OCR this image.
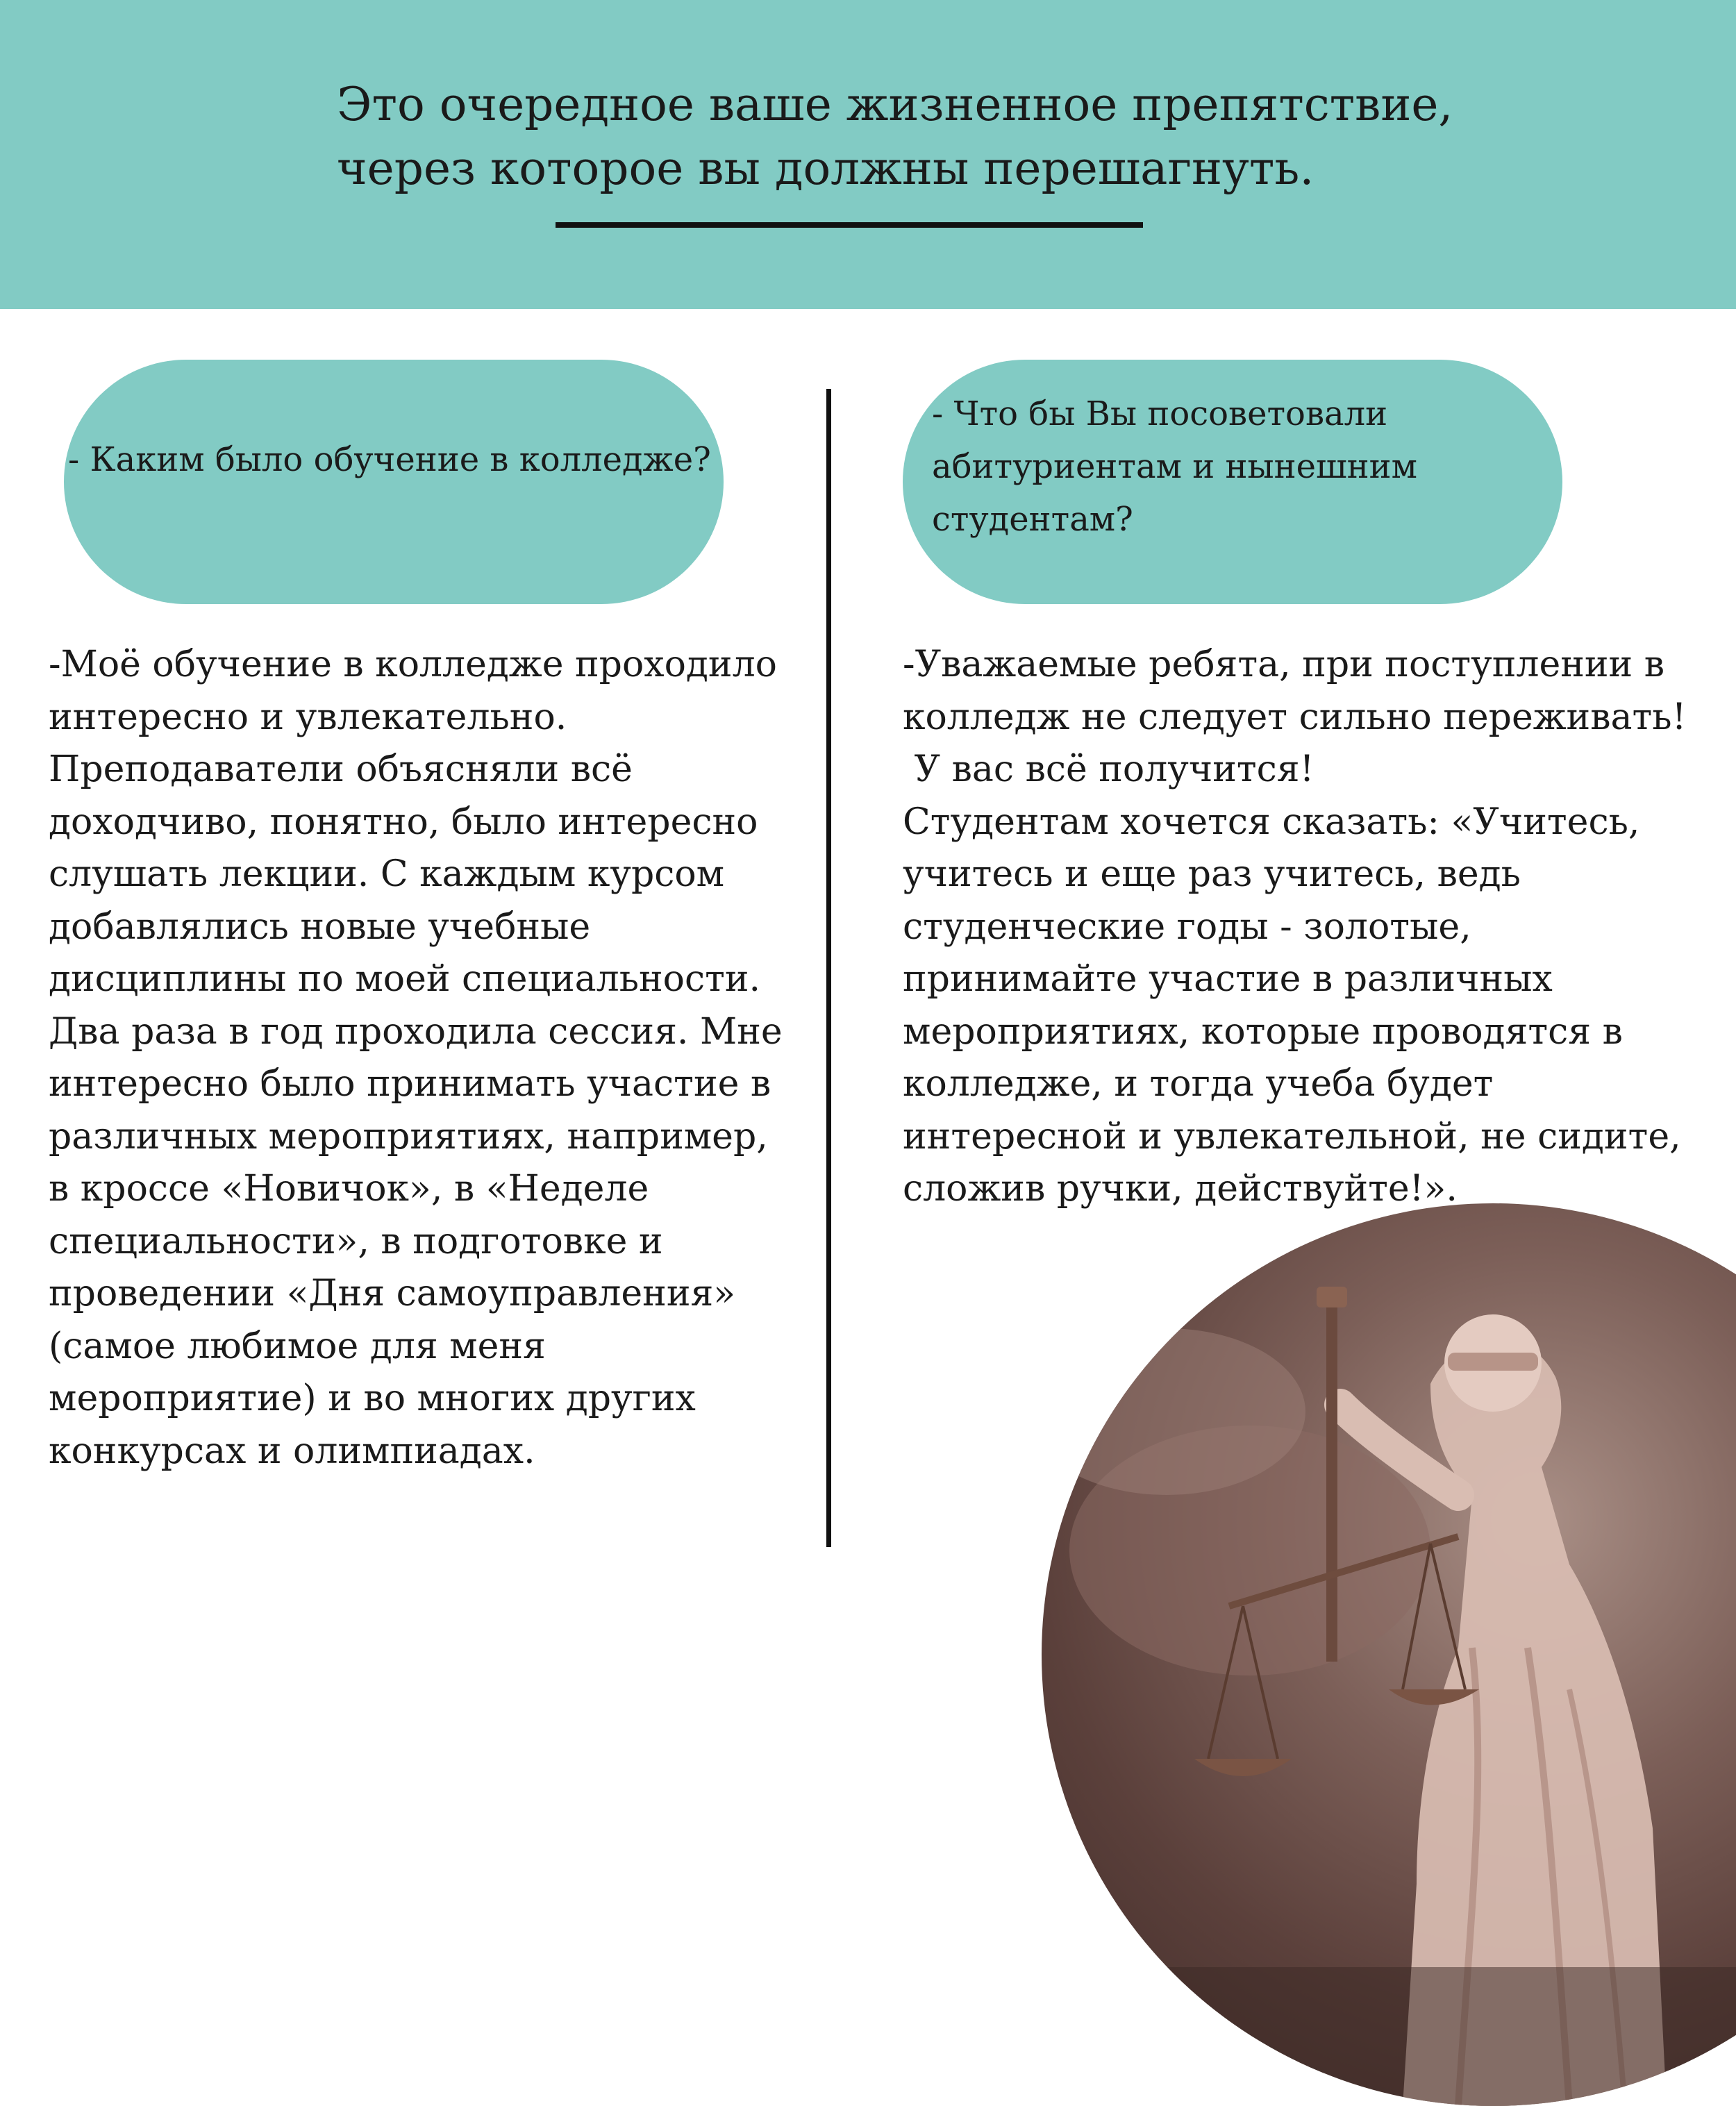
Это очередное ваше жизненное препятствие,
через которое вы должны перешагнуть.
- Каким было обучение в колледже?
- Что бы Вы посоветовали
абитуриентам и нынешним
студентам?
-Моё обучение в колледже проходило
интересно и увлекательно.
Преподаватели объясняли всё
доходчиво, понятно, было интересно
слушать лекции. С каждым курсом
добавлялись новые учебные
дисциплины по моей специальности.
Два раза в год проходила сессия. Мне
интересно было принимать участие в
различных мероприятиях, например,
в кроссе «Новичок», в «Неделе
специальности», в подготовке и
проведении «Дня самоуправления»
(самое любимое для меня
мероприятие) и во многих других
конкурсах и олимпиадах.
-Уважаемые ребята, при поступлении в
колледж не следует сильно переживать!
У вас всё получится!
Студентам хочется сказать: «Учитесь,
учитесь и еще раз учитесь, ведь
студенческие годы - золотые,
принимайте участие в различных
мероприятиях, которые проводятся в
колледже, и тогда учеба будет
интересной и увлекательной, не сидите,
сложив ручки, действуйте!».
